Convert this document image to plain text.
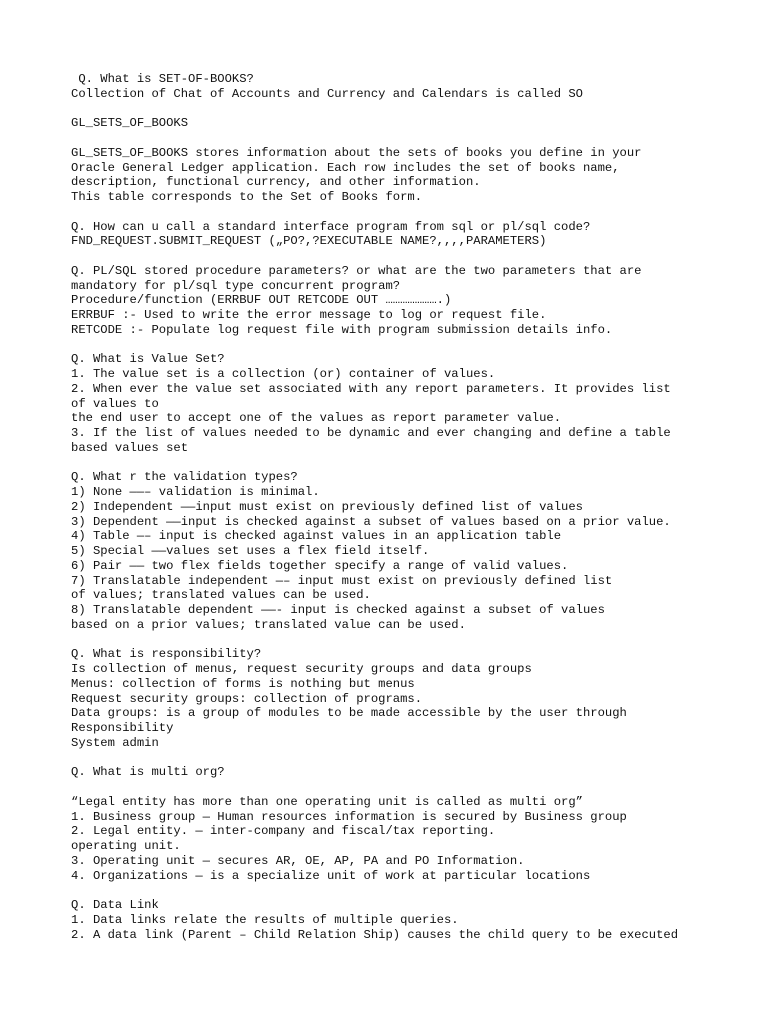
Q. What is SET-OF-BOOKS?
Collection of Chat of Accounts and Currency and Calendars is called SO
GL_SETS_OF_BOOKS
GL_SETS_OF_BOOKS stores information about the sets of books you define in your
Oracle General Ledger application. Each row includes the set of books name,
description, functional currency, and other information.
This table corresponds to the Set of Books form.
Q. How can u call a standard interface program from sql or pl/sql code?
FND_REQUEST.SUBMIT_REQUEST („PO?,?EXECUTABLE NAME?,,,,PARAMETERS)
Q. PL/SQL stored procedure parameters? or what are the two parameters that are
mandatory for pl/sql type concurrent program?
Procedure/function (ERRBUF OUT RETCODE OUT ………………….)
ERRBUF :- Used to write the error message to log or request file.
RETCODE :- Populate log request file with program submission details info.
Q. What is Value Set?
1. The value set is a collection (or) container of values.
2. When ever the value set associated with any report parameters. It provides list
of values to
the end user to accept one of the values as report parameter value.
3. If the list of values needed to be dynamic and ever changing and define a table
based values set
Q. What r the validation types?
1) None ——– validation is minimal.
2) Independent ——input must exist on previously defined list of values
3) Dependent ——input is checked against a subset of values based on a prior value.
4) Table —– input is checked against values in an application table
5) Special ——values set uses a flex field itself.
6) Pair —— two flex fields together specify a range of valid values.
7) Translatable independent —– input must exist on previously defined list
of values; translated values can be used.
8) Translatable dependent ——- input is checked against a subset of values
based on a prior values; translated value can be used.
Q. What is responsibility?
Is collection of menus, request security groups and data groups
Menus: collection of forms is nothing but menus
Request security groups: collection of programs.
Data groups: is a group of modules to be made accessible by the user through
Responsibility
System admin
Q. What is multi org?
“Legal entity has more than one operating unit is called as multi org”
1. Business group — Human resources information is secured by Business group
2. Legal entity. — inter-company and fiscal/tax reporting.
operating unit.
3. Operating unit — secures AR, OE, AP, PA and PO Information.
4. Organizations — is a specialize unit of work at particular locations
Q. Data Link
1. Data links relate the results of multiple queries.
2. A data link (Parent – Child Relation Ship) causes the child query to be executed
